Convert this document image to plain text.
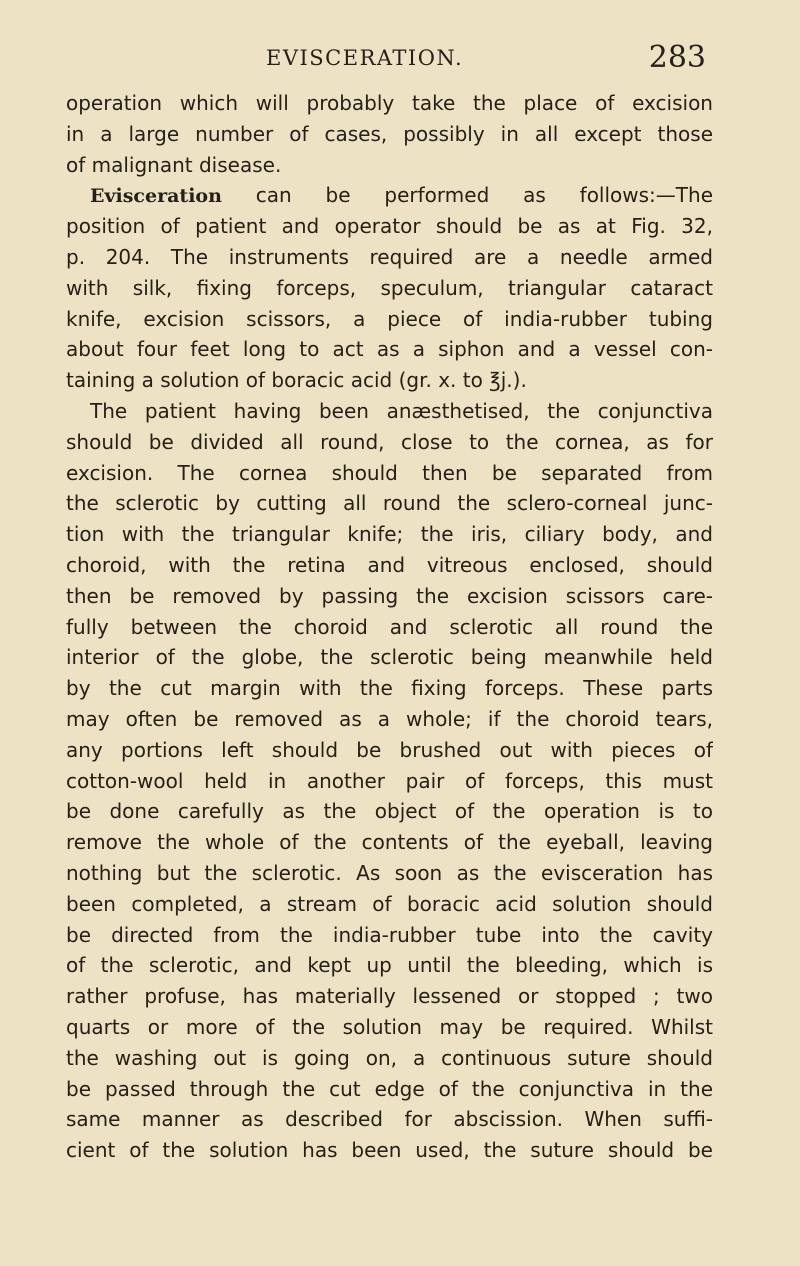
EVISCERATION.	283
operation which will probably take the place of excision
in a large number of cases, possibly in all except those
of malignant disease.
Evisceration can be performed as follows:—The
position of patient and operator should be as at Fig. 32,
p. 204. The instruments required are a needle armed
with silk, fixing forceps, speculum, triangular cataract
knife, excision scissors, a piece of india-rubber tubing
about four feet long to act as a siphon and a vessel con-
taining a solution of boracic acid (gr. x. to ℥j.).
The patient having been anæsthetised, the conjunctiva
should be divided all round, close to the cornea, as for
excision. The cornea should then be separated from
the sclerotic by cutting all round the sclero-corneal junc-
tion with the triangular knife; the iris, ciliary body, and
choroid, with the retina and vitreous enclosed, should
then be removed by passing the excision scissors care-
fully between the choroid and sclerotic all round the
interior of the globe, the sclerotic being meanwhile held
by the cut margin with the fixing forceps. These parts
may often be removed as a whole; if the choroid tears,
any portions left should be brushed out with pieces of
cotton-wool held in another pair of forceps, this must
be done carefully as the object of the operation is to
remove the whole of the contents of the eyeball, leaving
nothing but the sclerotic. As soon as the evisceration has
been completed, a stream of boracic acid solution should
be directed from the india-rubber tube into the cavity
of the sclerotic, and kept up until the bleeding, which is
rather profuse, has materially lessened or stopped ; two
quarts or more of the solution may be required. Whilst
the washing out is going on, a continuous suture should
be passed through the cut edge of the conjunctiva in the
same manner as described for abscission. When suffi-
cient of the solution has been used, the suture should be
